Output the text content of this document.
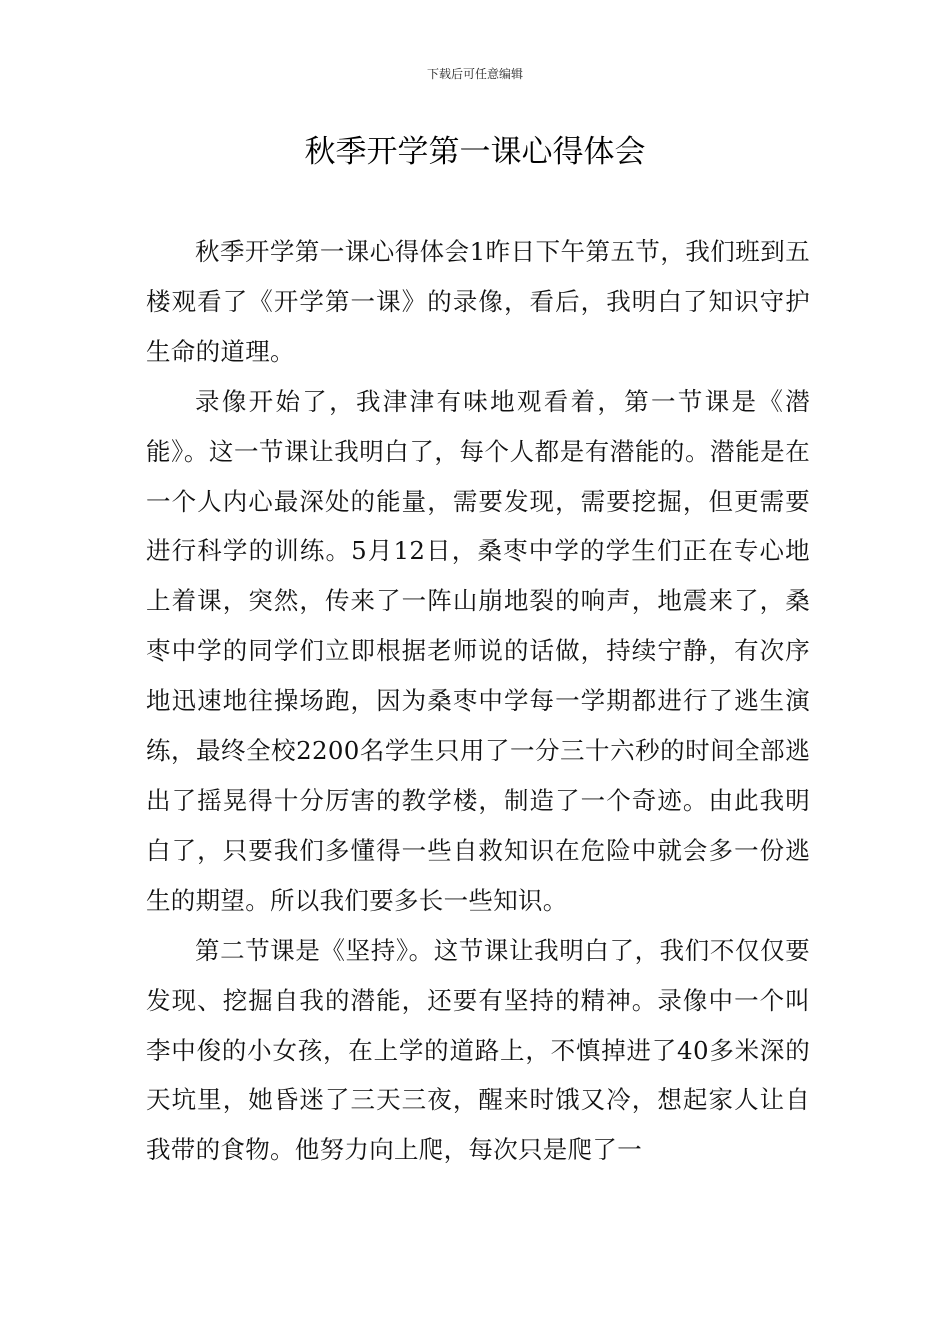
下载后可任意编辑
秋季开学第一课心得体会

秋季开学第一课心得体会1昨日下午第五节，我们班到五楼观看了《开学第一课》的录像，看后，我明白了知识守护生命的道理。

录像开始了，我津津有味地观看着，第一节课是《潜能》。这一节课让我明白了，每个人都是有潜能的。潜能是在一个人内心最深处的能量，需要发现，需要挖掘，但更需要进行科学的训练。5月12日，桑枣中学的学生们正在专心地上着课，突然，传来了一阵山崩地裂的响声，地震来了，桑枣中学的同学们立即根据老师说的话做，持续宁静，有次序地迅速地往操场跑，因为桑枣中学每一学期都进行了逃生演练，最终全校2200名学生只用了一分三十六秒的时间全部逃出了摇晃得十分厉害的教学楼，制造了一个奇迹。由此我明白了，只要我们多懂得一些自救知识在危险中就会多一份逃生的期望。所以我们要多长一些知识。

第二节课是《坚持》。这节课让我明白了，我们不仅仅要发现、挖掘自我的潜能，还要有坚持的精神。录像中一个叫李中俊的小女孩，在上学的道路上，不慎掉进了40多米深的天坑里，她昏迷了三天三夜，醒来时饿又冷，想起家人让自我带的食物。他努力向上爬，每次只是爬了一
